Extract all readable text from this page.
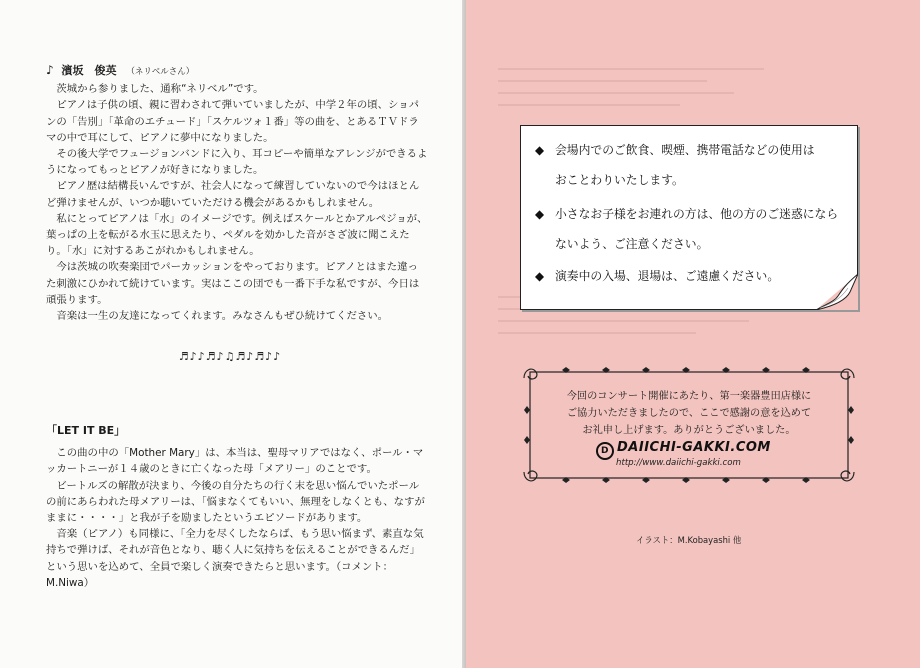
♪ 濱坂　俊英 （ネリベルさん）

茨城から参りました、通称“ネリベル”です。

ピアノは子供の頃、親に習わされて弾いていましたが、中学２年の頃、ショパンの「告別」「革命のエチュード」「スケルツォ１番」等の曲を、とあるＴＶドラマの中で耳にして、ピアノに夢中になりました。

その後大学でフュージョンバンドに入り、耳コピーや簡単なアレンジができるようになってもっとピアノが好きになりました。

ピアノ歴は結構長いんですが、社会人になって練習していないので今はほとんど弾けませんが、いつか聴いていただける機会があるかもしれません。

私にとってピアノは「水」のイメージです。例えばスケールとかアルペジョが、葉っぱの上を転がる水玉に思えたり、ペダルを効かした音がさざ波に聞こえたり。「水」に対するあこがれかもしれません。

今は茨城の吹奏楽団でパーカッションをやっております。ピアノとはまた違った刺激にひかれて続けています。実はここの団でも一番下手な私ですが、今日は頑張ります。

音楽は一生の友達になってくれます。みなさんもぜひ続けてください。

♬♪♪♬♪♫♬♪♬♪♪
「LET IT BE」

この曲の中の「Mother Mary」は、本当は、聖母マリアではなく、ポール・マッカートニーが１４歳のときに亡くなった母「メアリー」のことです。

ビートルズの解散が決まり、今後の自分たちの行く末を思い悩んでいたポールの前にあらわれた母メアリーは、「悩まなくてもいい、無理をしなくとも、なすがままに・・・・」と我が子を励ましたというエピソードがあります。

音楽（ピアノ）も同様に、「全力を尽くしたならば、もう思い悩まず、素直な気持ちで弾けば、それが音色となり、聴く人に気持ちを伝えることができるんだ」という思いを込めて、全員で楽しく演奏できたらと思います。（コメント：M.Niwa）

◆ 会場内でのご飲食、喫煙、携帯電話などの使用は
おことわりいたします。
◆ 小さなお子様をお連れの方は、他の方のご迷惑になら
ないよう、ご注意ください。
◆ 演奏中の入場、退場は、ご遠慮ください。
今回のコンサート開催にあたり、第一楽器豊田店様に
ご協力いただきましたので、ここで感謝の意を込めて
お礼申し上げます。ありがとうございました。
D DAIICHI-GAKKI.COM
http://www.daiichi-gakki.com
イラスト：M.Kobayashi 他
